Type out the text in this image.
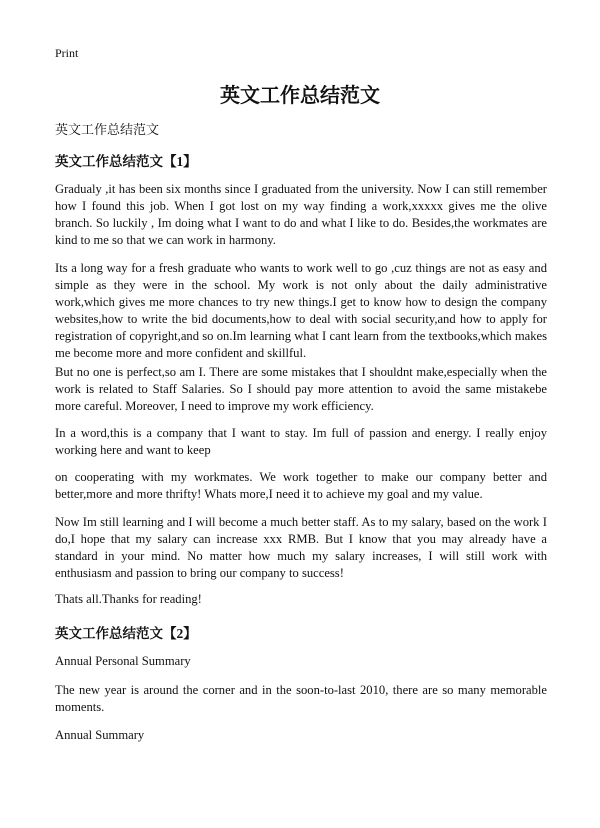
Print
英文工作总结范文
英文工作总结范文
英文工作总结范文【1】

Gradualy ,it has been six months since I graduated from the university. Now I can still remember how I found this job. When I got lost on my way finding a work,xxxxx gives me the olive branch. So luckily , Im doing what I want to do and what I like to do. Besides,the workmates are kind to me so that we can work in harmony.

Its a long way for a fresh graduate who wants to work well to go ,cuz things are not as easy and simple as they were in the school. My work is not only about the daily administrative work,which gives me more chances to try new things.I get to know how to design the company websites,how to write the bid documents,how to deal with social security,and how to apply for registration of copyright,and so on.Im learning what I cant learn from the textbooks,which makes me become more and more confident and skillful.

But no one is perfect,so am I. There are some mistakes that I shouldnt make,especially when the work is related to Staff Salaries. So I should pay more attention to avoid the same mistakebe more careful. Moreover, I need to improve my work efficiency.

In a word,this is a company that I want to stay. Im full of passion and energy. I really enjoy working here and want to keep

on cooperating with my workmates. We work together to make our company better and better,more and more thrifty! Whats more,I need it to achieve my goal and my value.

Now Im still learning and I will become a much better staff. As to my salary, based on the work I do,I hope that my salary can increase xxx RMB. But I know that you may already have a standard in your mind. No matter how much my salary increases, I will still work with enthusiasm and passion to bring our company to success!

Thats all.Thanks for reading!

英文工作总结范文【2】

Annual Personal Summary

The new year is around the corner and in the soon-to-last 2010, there are so many memorable moments.

Annual Summary
